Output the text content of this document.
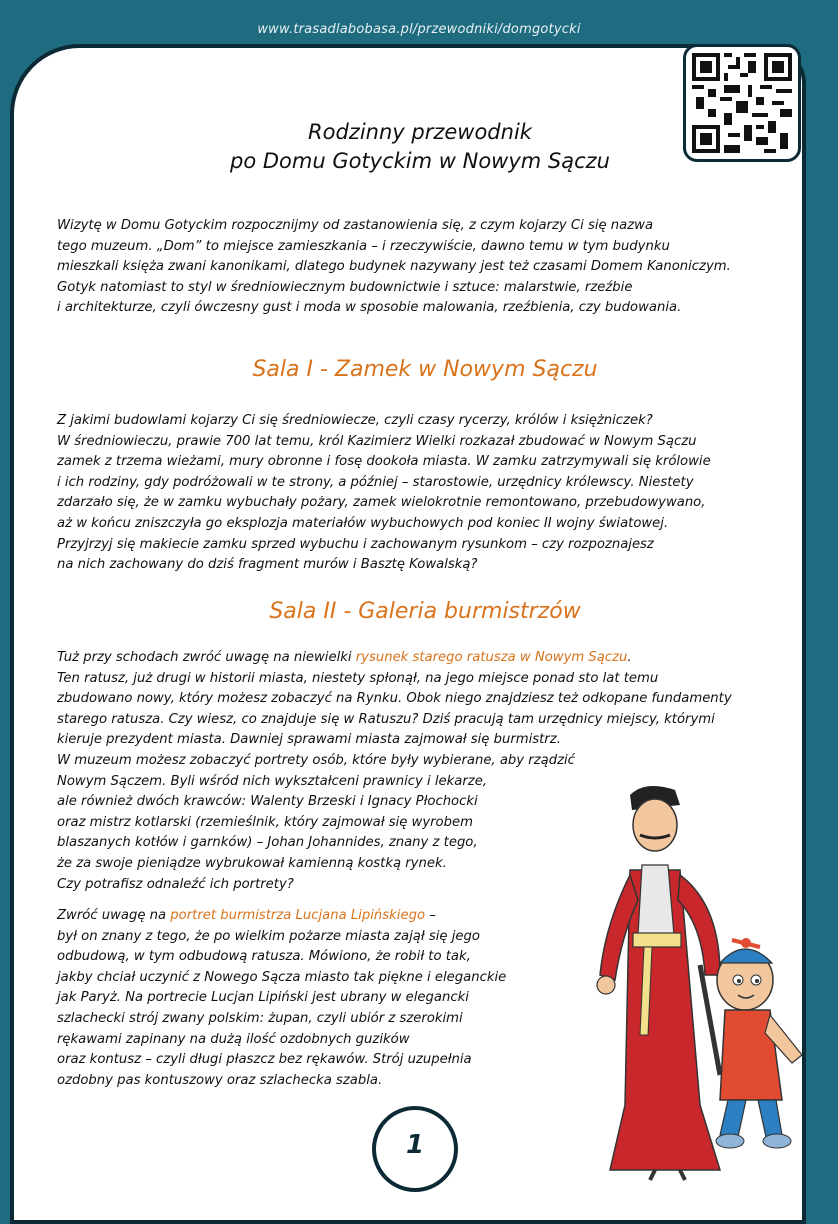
www.trasadlabobasa.pl/przewodniki/domgotycki
Rodzinny przewodnik
po Domu Gotyckim w Nowym Sączu
Wizytę w Domu Gotyckim rozpocznijmy od zastanowienia się, z czym kojarzy Ci się nazwa
tego muzeum. „Dom” to miejsce zamieszkania – i rzeczywiście, dawno temu w tym budynku
mieszkali księża zwani kanonikami, dlatego budynek nazywany jest też czasami Domem Kanoniczym.
Gotyk natomiast to styl w średniowiecznym budownictwie i sztuce: malarstwie, rzeźbie
i architekturze, czyli ówczesny gust i moda w sposobie malowania, rzeźbienia, czy budowania.
Sala I - Zamek w Nowym Sączu
Z jakimi budowlami kojarzy Ci się średniowiecze, czyli czasy rycerzy, królów i księżniczek?
W średniowieczu, prawie 700 lat temu, król Kazimierz Wielki rozkazał zbudować w Nowym Sączu
zamek z trzema wieżami, mury obronne i fosę dookoła miasta. W zamku zatrzymywali się królowie
i ich rodziny, gdy podróżowali w te strony, a później – starostowie, urzędnicy królewscy. Niestety
zdarzało się, że w zamku wybuchały pożary, zamek wielokrotnie remontowano, przebudowywano,
aż w końcu zniszczyła go eksplozja materiałów wybuchowych pod koniec II wojny światowej.
Przyjrzyj się makiecie zamku sprzed wybuchu i zachowanym rysunkom – czy rozpoznajesz
na nich zachowany do dziś fragment murów i Basztę Kowalską?
Sala II - Galeria burmistrzów
Tuż przy schodach zwróć uwagę na niewielki rysunek starego ratusza w Nowym Sączu.
Ten ratusz, już drugi w historii miasta, niestety spłonął, na jego miejsce ponad sto lat temu
zbudowano nowy, który możesz zobaczyć na Rynku. Obok niego znajdziesz też odkopane fundamenty
starego ratusza. Czy wiesz, co znajduje się w Ratuszu? Dziś pracują tam urzędnicy miejscy, którymi
kieruje prezydent miasta. Dawniej sprawami miasta zajmował się burmistrz.
W muzeum możesz zobaczyć portrety osób, które były wybierane, aby rządzić
Nowym Sączem. Byli wśród nich wykształceni prawnicy i lekarze,
ale również dwóch krawców: Walenty Brzeski i Ignacy Płochocki
oraz mistrz kotlarski (rzemieślnik, który zajmował się wyrobem
blaszanych kotłów i garnków) – Johan Johannides, znany z tego,
że za swoje pieniądze wybrukował kamienną kostką rynek.
Czy potrafisz odnaleźć ich portrety?
Zwróć uwagę na portret burmistrza Lucjana Lipińskiego –
był on znany z tego, że po wielkim pożarze miasta zajął się jego
odbudową, w tym odbudową ratusza. Mówiono, że robił to tak,
jakby chciał uczynić z Nowego Sącza miasto tak piękne i eleganckie
jak Paryż. Na portrecie Lucjan Lipiński jest ubrany w elegancki
szlachecki strój zwany polskim: żupan, czyli ubiór z szerokimi
rękawami zapinany na dużą ilość ozdobnych guzików
oraz kontusz – czyli długi płaszcz bez rękawów. Strój uzupełnia
ozdobny pas kontuszowy oraz szlachecka szabla.
1
